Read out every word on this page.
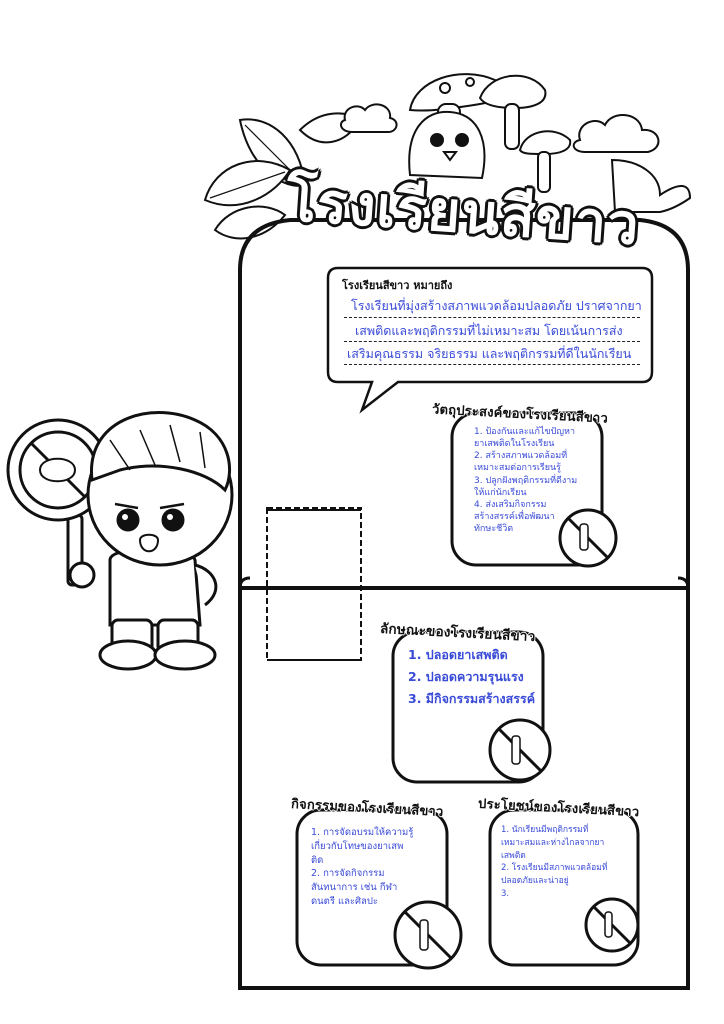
โรงเรียนสีขาว
โรงเรียนสีขาว หมายถึง
โรงเรียนที่มุ่งสร้างสภาพแวดล้อมปลอดภัย ปราศจากยา
เสพติดและพฤติกรรมที่ไม่เหมาะสม โดยเน้นการส่ง
เสริมคุณธรรม จริยธรรม และพฤติกรรมที่ดีในนักเรียน
วัตถุประสงค์ของโรงเรียนสีขาว
1. ป้องกันและแก้ไขปัญหา
ยาเสพติดในโรงเรียน
2. สร้างสภาพแวดล้อมที่
เหมาะสมต่อการเรียนรู้
3. ปลูกฝังพฤติกรรมที่ดีงาม
ให้แก่นักเรียน
4. ส่งเสริมกิจกรรม
สร้างสรรค์เพื่อพัฒนา
ทักษะชีวิต
ลักษณะของโรงเรียนสีขาว
1. ปลอดยาเสพติด
2. ปลอดความรุนแรง
3. มีกิจกรรมสร้างสรรค์
กิจกรรมของโรงเรียนสีขาว
1. การจัดอบรมให้ความรู้
เกี่ยวกับโทษของยาเสพ
ติด
2. การจัดกิจกรรม
สันทนาการ เช่น กีฬา
ดนตรี และศิลปะ
ประโยชน์ของโรงเรียนสีขาว
1. นักเรียนมีพฤติกรรมที่
เหมาะสมและห่างไกลจากยา
เสพติด
2. โรงเรียนมีสภาพแวดล้อมที่
ปลอดภัยและน่าอยู่
3.
